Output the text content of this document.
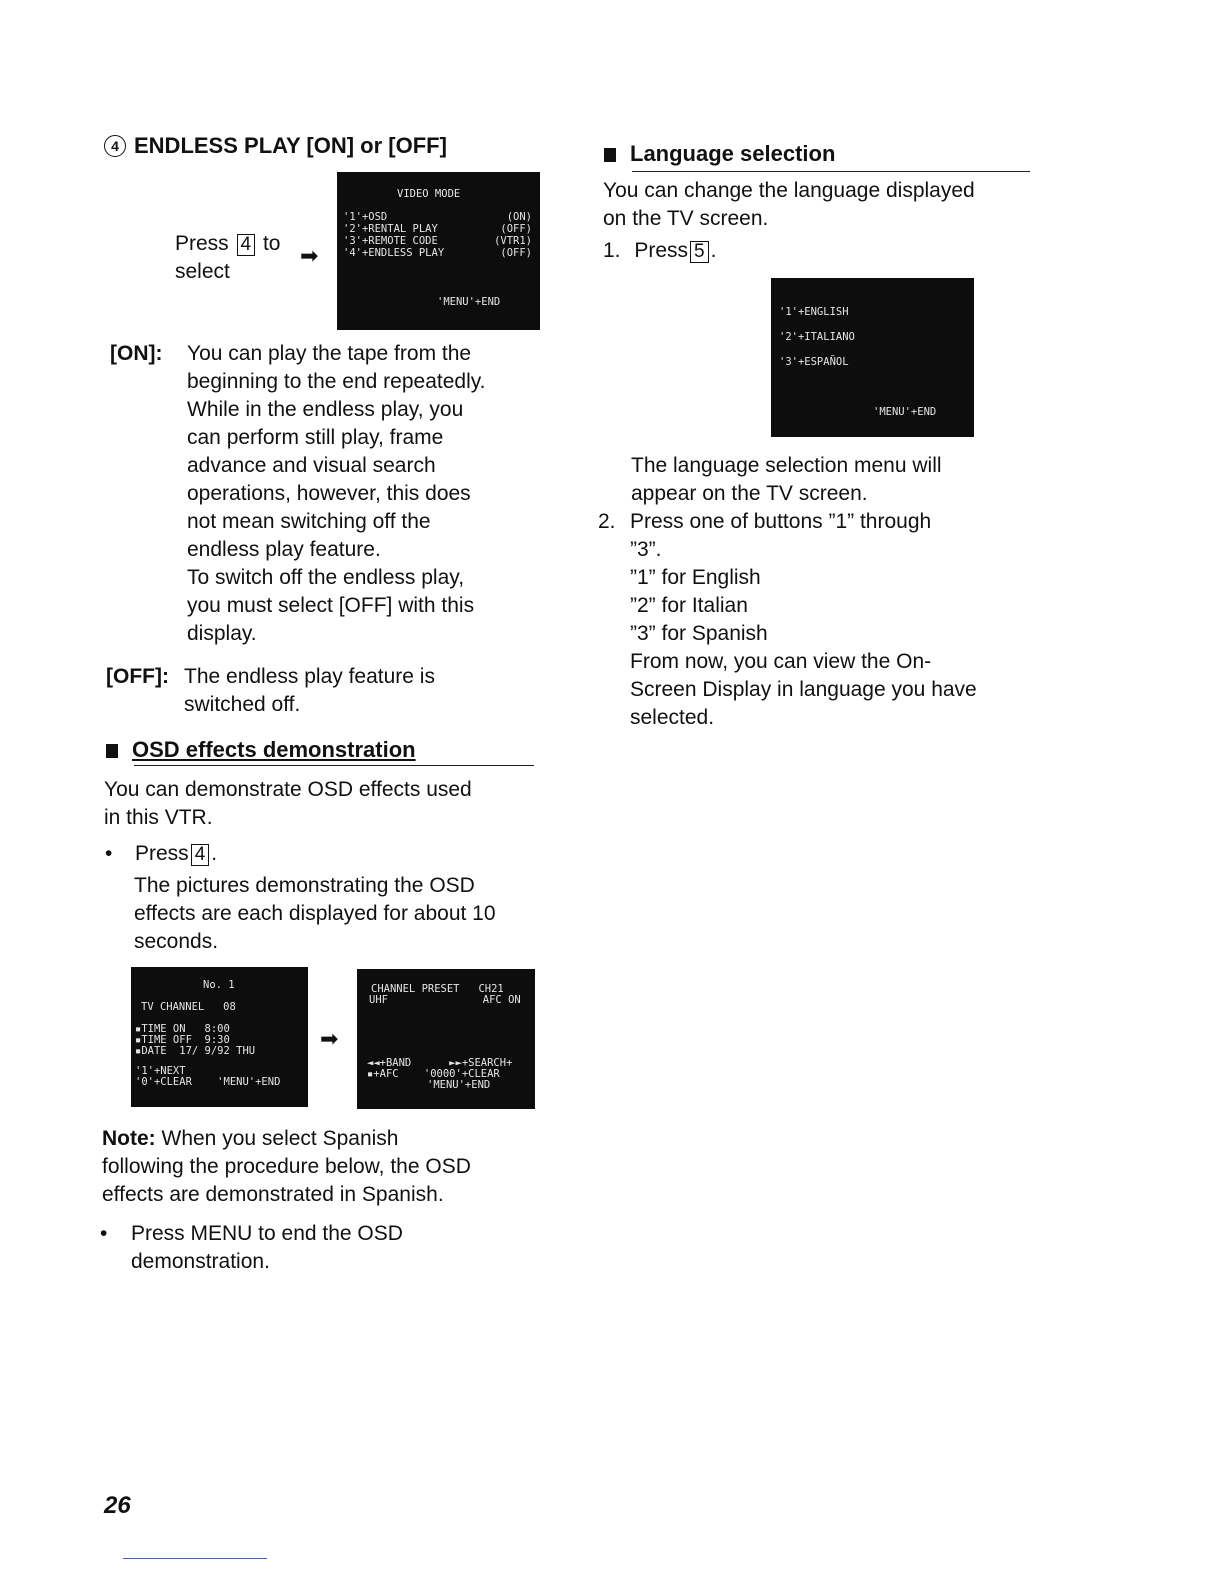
4 ENDLESS PLAY [ON] or [OFF]
Press 4 to
select
➡
VIDEO MODE
'1'+OSD	(ON)
'2'+RENTAL PLAY	(OFF)
'3'+REMOTE CODE	(VTR1)
'4'+ENDLESS PLAY	(OFF)
'MENU'+END
[ON]: You can play the tape from the
beginning to the end repeatedly.
While in the endless play, you
can perform still play, frame
advance and visual search
operations, however, this does
not mean switching off the
endless play feature.
To switch off the endless play,
you must select [OFF] with this
display.
[OFF]: The endless play feature is
switched off.
OSD effects demonstration
You can demonstrate OSD effects used
in this VTR.
• Press 4 .
The pictures demonstrating the OSD
effects are each displayed for about 10
seconds.
No. 1
TV CHANNEL   08
▪TIME ON   8:00
▪TIME OFF  9:30
▪DATE  17/ 9/92 THU
'1'+NEXT
'0'+CLEAR    'MENU'+END
➡
CHANNEL PRESET   CH21
UHF               AFC ON
◄◄+BAND      ►►+SEARCH+
▪+AFC    '0000'+CLEAR
'MENU'+END
Note: When you select Spanish
following the procedure below, the OSD
effects are demonstrated in Spanish.
• Press MENU to end the OSD
demonstration.
Language selection
You can change the language displayed
on the TV screen.
1. Press 5 .
'1'+ENGLISH
'2'+ITALIANO
'3'+ESPAÑOL
'MENU'+END
The language selection menu will
appear on the TV screen.
2. Press one of buttons ”1” through
”3”.
”1” for English
”2” for Italian
”3” for Spanish
From now, you can view the On-
Screen Display in language you have
selected.
26
